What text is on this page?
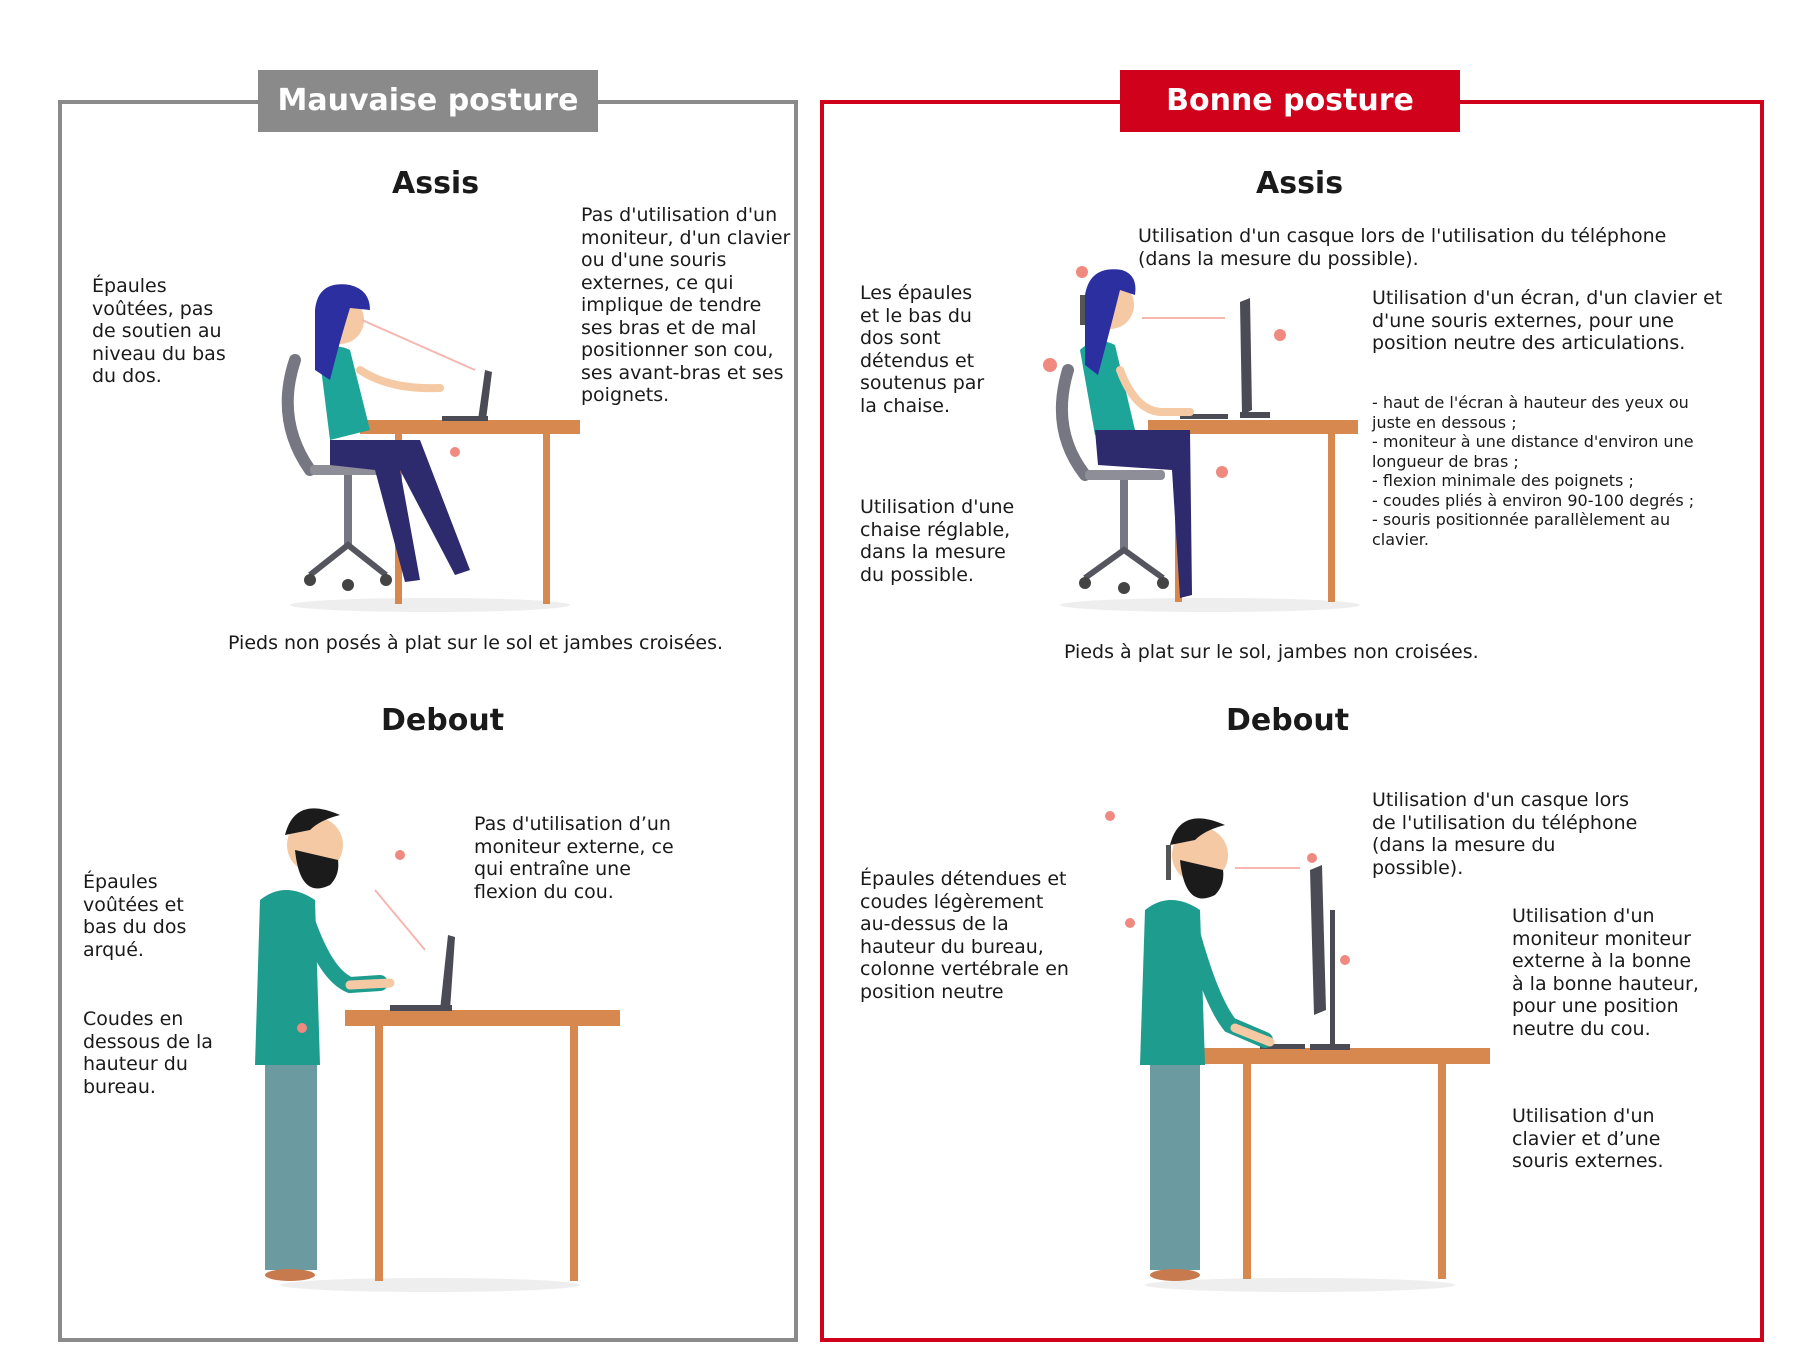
Mauvaise posture	Bonne posture
Assis
Épaules
voûtées, pas
de soutien au
niveau du bas
du dos.
Pas d'utilisation d'un
moniteur, d'un clavier
ou d'une souris
externes, ce qui
implique de tendre
ses bras et de mal
positionner son cou,
ses avant-bras et ses
poignets.
Pieds non posés à plat sur le sol et jambes croisées.
Debout
Épaules
voûtées et
bas du dos
arqué.
Coudes en
dessous de la
hauteur du
bureau.
Pas d'utilisation d’un
moniteur externe, ce
qui entraîne une
flexion du cou.
Assis
Utilisation d'un casque lors de l'utilisation du téléphone
(dans la mesure du possible).
Les épaules
et le bas du
dos sont
détendus et
soutenus par
la chaise.
Utilisation d'une
chaise réglable,
dans la mesure
du possible.
Utilisation d'un écran, d'un clavier et
d'une souris externes, pour une
position neutre des articulations.
- haut de l'écran à hauteur des yeux ou
juste en dessous ;
- moniteur à une distance d'environ une
longueur de bras ;
- flexion minimale des poignets ;
- coudes pliés à environ 90-100 degrés ;
- souris positionnée parallèlement au
clavier.
Pieds à plat sur le sol, jambes non croisées.
Debout
Épaules détendues et
coudes légèrement
au-dessus de la
hauteur du bureau,
colonne vertébrale en
position neutre
Utilisation d'un casque lors
de l'utilisation du téléphone
(dans la mesure du
possible).
Utilisation d'un
moniteur moniteur
externe à la bonne
à la bonne hauteur,
pour une position
neutre du cou.
Utilisation d'un
clavier et d’une
souris externes.
